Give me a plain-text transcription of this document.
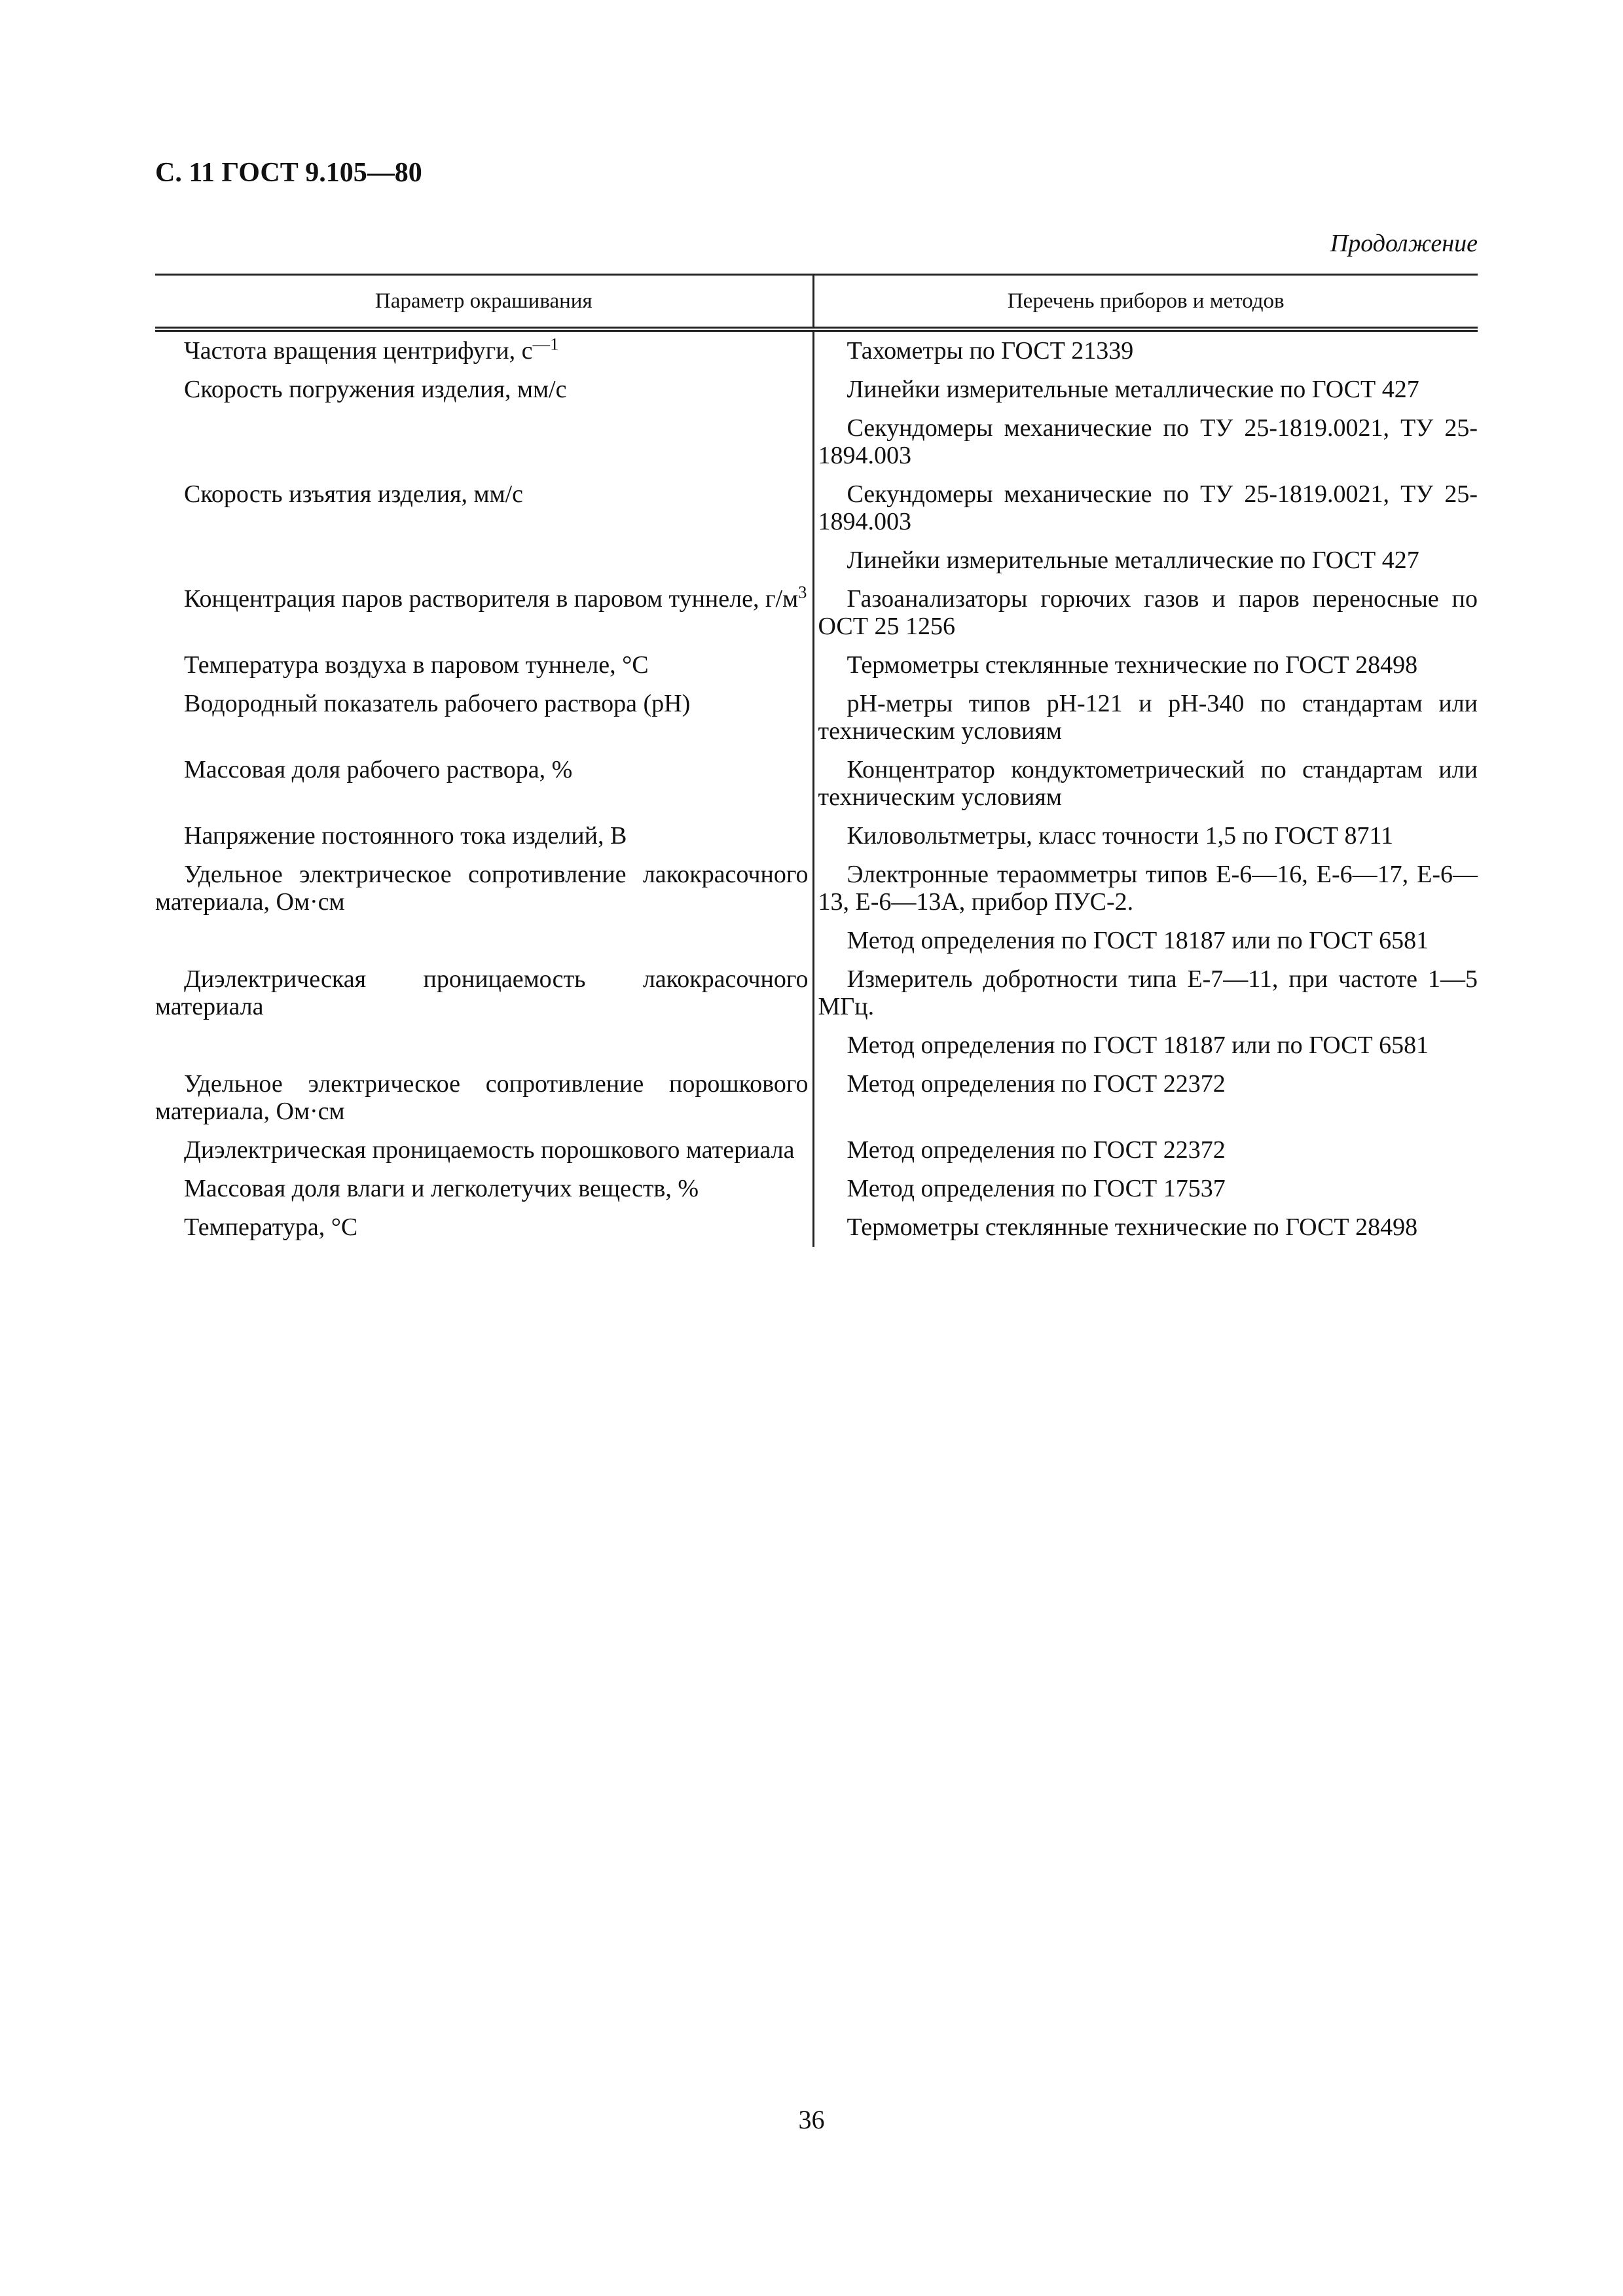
С. 11 ГОСТ 9.105—80
Продолжение
Параметр окрашивания	Перечень приборов и методов

Частота вращения центрифуги, $с^{—1}$	Тахометры по ГОСТ 21339

Скорость погружения изделия, мм/с	Линейки измерительные металлические по ГОСТ 427

	Секундомеры механические по ТУ 25-1819.0021, ТУ 25-1894.003

Скорость изъятия изделия, мм/с	Секундомеры механические по ТУ 25-1819.0021, ТУ 25-1894.003

	Линейки измерительные металлические по ГОСТ 427

Концентрация паров растворителя в паровом туннеле, $г/м^3$	Газоанализаторы горючих газов и паров переносные по ОСТ 25 1256

Температура воздуха в паровом туннеле, °С	Термометры стеклянные технические по ГОСТ 28498

Водородный показатель рабочего раствора (рН)	рН-метры типов рН-121 и рН-340 по стандартам или техническим условиям

Массовая доля рабочего раствора, %	Концентратор кондуктометрический по стандартам или техническим условиям

Напряжение постоянного тока изделий, В	Киловольтметры, класс точности 1,5 по ГОСТ 8711

Удельное электрическое сопротивление лакокрасочного материала, Ом·см	Электронные тераомметры типов Е-6—16, Е-6—17, Е-6—13, Е-6—13А, прибор ПУС-2.

	Метод определения по ГОСТ 18187 или по ГОСТ 6581

Диэлектрическая проницаемость лакокрасочного материала	Измеритель добротности типа Е-7—11, при частоте 1—5 МГц.

	Метод определения по ГОСТ 18187 или по ГОСТ 6581

Удельное электрическое сопротивление порошкового материала, Ом·см	Метод определения по ГОСТ 22372

Диэлектрическая проницаемость порошкового материала	Метод определения по ГОСТ 22372

Массовая доля влаги и легколетучих веществ, %	Метод определения по ГОСТ 17537

Температура, °С	Термометры стеклянные технические по ГОСТ 28498
36
